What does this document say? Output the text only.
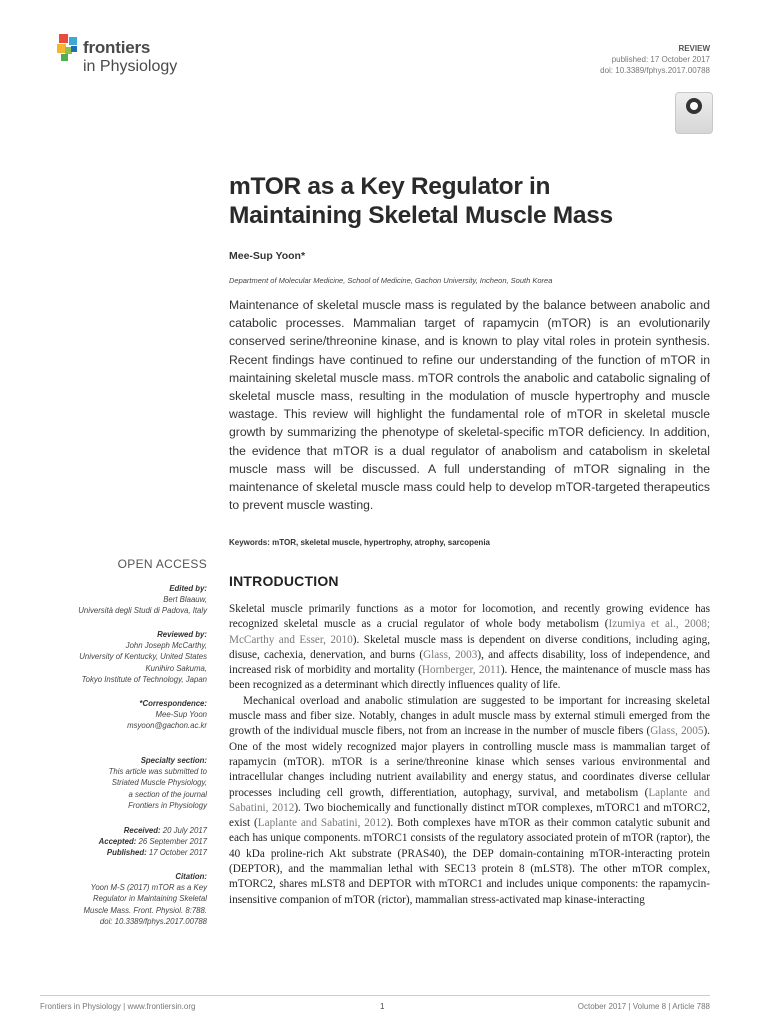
frontiers
in Physiology
REVIEW
published: 17 October 2017
doi: 10.3389/fphys.2017.00788
mTOR as a Key Regulator in
Maintaining Skeletal Muscle Mass
Mee-Sup Yoon*
Department of Molecular Medicine, School of Medicine, Gachon University, Incheon, South Korea
Maintenance of skeletal muscle mass is regulated by the balance between anabolic and catabolic processes. Mammalian target of rapamycin (mTOR) is an evolutionarily conserved serine/threonine kinase, and is known to play vital roles in protein synthesis. Recent findings have continued to refine our understanding of the function of mTOR in maintaining skeletal muscle mass. mTOR controls the anabolic and catabolic signaling of skeletal muscle mass, resulting in the modulation of muscle hypertrophy and muscle wastage. This review will highlight the fundamental role of mTOR in skeletal muscle growth by summarizing the phenotype of skeletal-specific mTOR deficiency. In addition, the evidence that mTOR is a dual regulator of anabolism and catabolism in skeletal muscle mass will be discussed. A full understanding of mTOR signaling in the maintenance of skeletal muscle mass could help to develop mTOR-targeted therapeutics to prevent muscle wasting.
Keywords: mTOR, skeletal muscle, hypertrophy, atrophy, sarcopenia
OPEN ACCESS
Edited by:
Bert Blaauw,
Università degli Studi di Padova, Italy
Reviewed by:
John Joseph McCarthy,
University of Kentucky, United States
Kunihiro Sakuma,
Tokyo Institute of Technology, Japan
*Correspondence:
Mee-Sup Yoon
msyoon@gachon.ac.kr
Specialty section:
This article was submitted to
Striated Muscle Physiology,
a section of the journal
Frontiers in Physiology
Received: 20 July 2017
Accepted: 26 September 2017
Published: 17 October 2017
Citation:
Yoon M-S (2017) mTOR as a Key
Regulator in Maintaining Skeletal
Muscle Mass. Front. Physiol. 8:788.
doi: 10.3389/fphys.2017.00788
INTRODUCTION

Skeletal muscle primarily functions as a motor for locomotion, and recently growing evidence has recognized skeletal muscle as a crucial regulator of whole body metabolism (Izumiya et al., 2008; McCarthy and Esser, 2010). Skeletal muscle mass is dependent on diverse conditions, including aging, disuse, cachexia, denervation, and burns (Glass, 2003), and affects disability, loss of independence, and increased risk of morbidity and mortality (Hornberger, 2011). Hence, the maintenance of muscle mass has been recognized as a determinant which directly influences quality of life.

Mechanical overload and anabolic stimulation are suggested to be important for increasing skeletal muscle mass and fiber size. Notably, changes in adult muscle mass by external stimuli emerged from the growth of the individual muscle fibers, not from an increase in the number of muscle fibers (Glass, 2005). One of the most widely recognized major players in controlling muscle mass is mammalian target of rapamycin (mTOR). mTOR is a serine/threonine kinase which senses various environmental and intracellular changes including nutrient availability and energy status, and coordinates diverse cellular processes including cell growth, differentiation, autophagy, survival, and metabolism (Laplante and Sabatini, 2012). Two biochemically and functionally distinct mTOR complexes, mTORC1 and mTORC2, exist (Laplante and Sabatini, 2012). Both complexes have mTOR as their common catalytic subunit and each has unique components. mTORC1 consists of the regulatory associated protein of mTOR (raptor), the 40 kDa proline-rich Akt substrate (PRAS40), the DEP domain-containing mTOR-interacting protein (DEPTOR), and the mammalian lethal with SEC13 protein 8 (mLST8). The other mTOR complex, mTORC2, shares mLST8 and DEPTOR with mTORC1 and includes unique components: the rapamycin-insensitive companion of mTOR (rictor), mammalian stress-activated map kinase-interacting

Frontiers in Physiology | www.frontiersin.org	1	October 2017 | Volume 8 | Article 788
